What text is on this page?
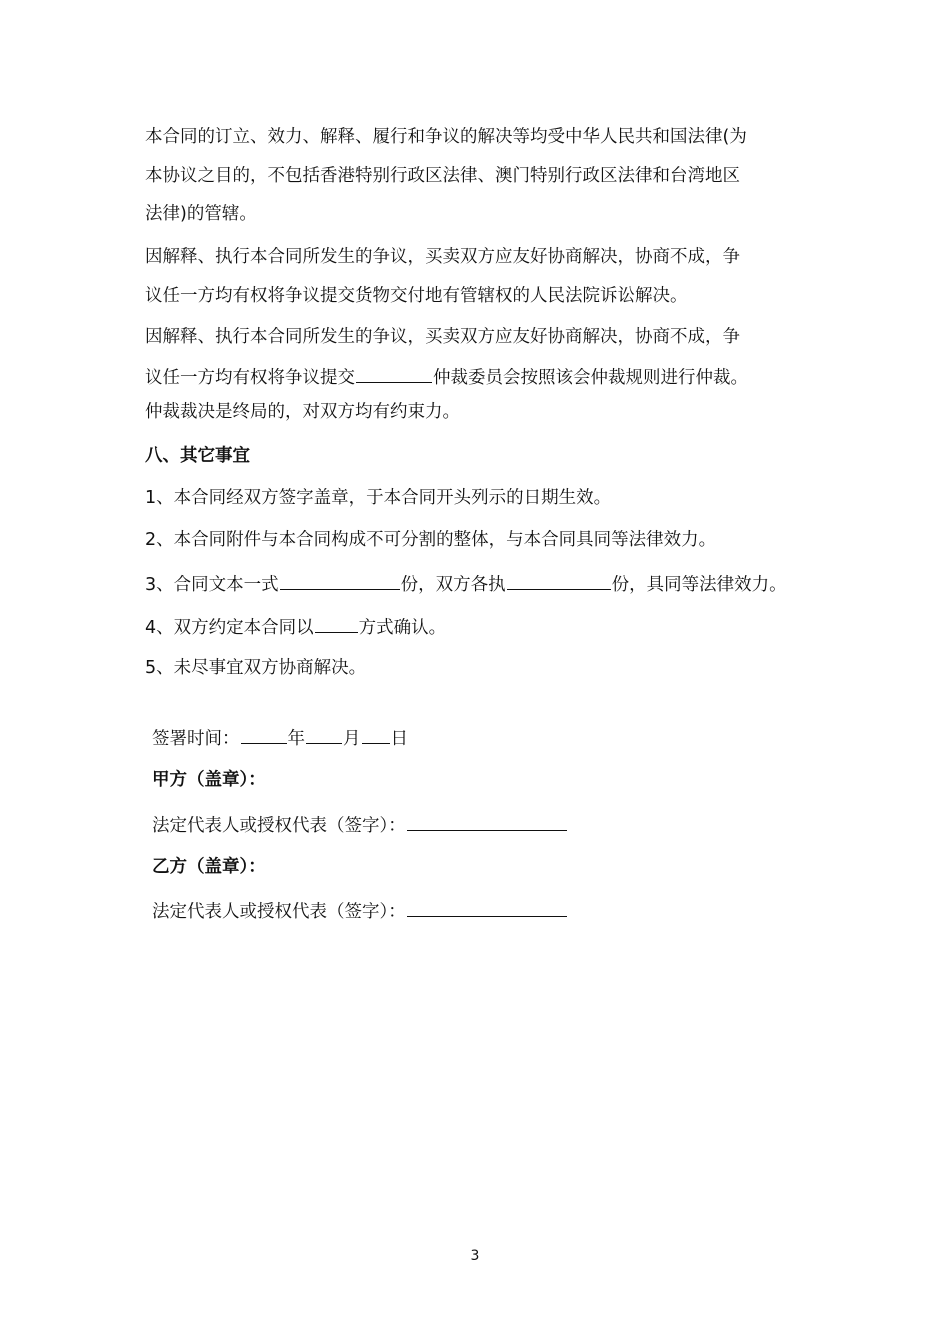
本合同的订立、效力、解释、履行和争议的解决等均受中华人民共和国法律(为
本协议之目的，不包括香港特别行政区法律、澳门特别行政区法律和台湾地区
法律)的管辖。
因解释、执行本合同所发生的争议，买卖双方应友好协商解决，协商不成，争
议任一方均有权将争议提交货物交付地有管辖权的人民法院诉讼解决。
因解释、执行本合同所发生的争议，买卖双方应友好协商解决，协商不成，争
议任一方均有权将争议提交	仲裁委员会按照该会仲裁规则进行仲裁。
仲裁裁决是终局的，对双方均有约束力。
八、其它事宜
1、本合同经双方签字盖章，于本合同开头列示的日期生效。
2、本合同附件与本合同构成不可分割的整体，与本合同具同等法律效力。
3、合同文本一式	份，双方各执	份，具同等法律效力。
4、双方约定本合同以	方式确认。
5、未尽事宜双方协商解决。
签署时间：	年 月 日
甲方（盖章）：
法定代表人或授权代表（签字）：
乙方（盖章）：
法定代表人或授权代表（签字）：
3
